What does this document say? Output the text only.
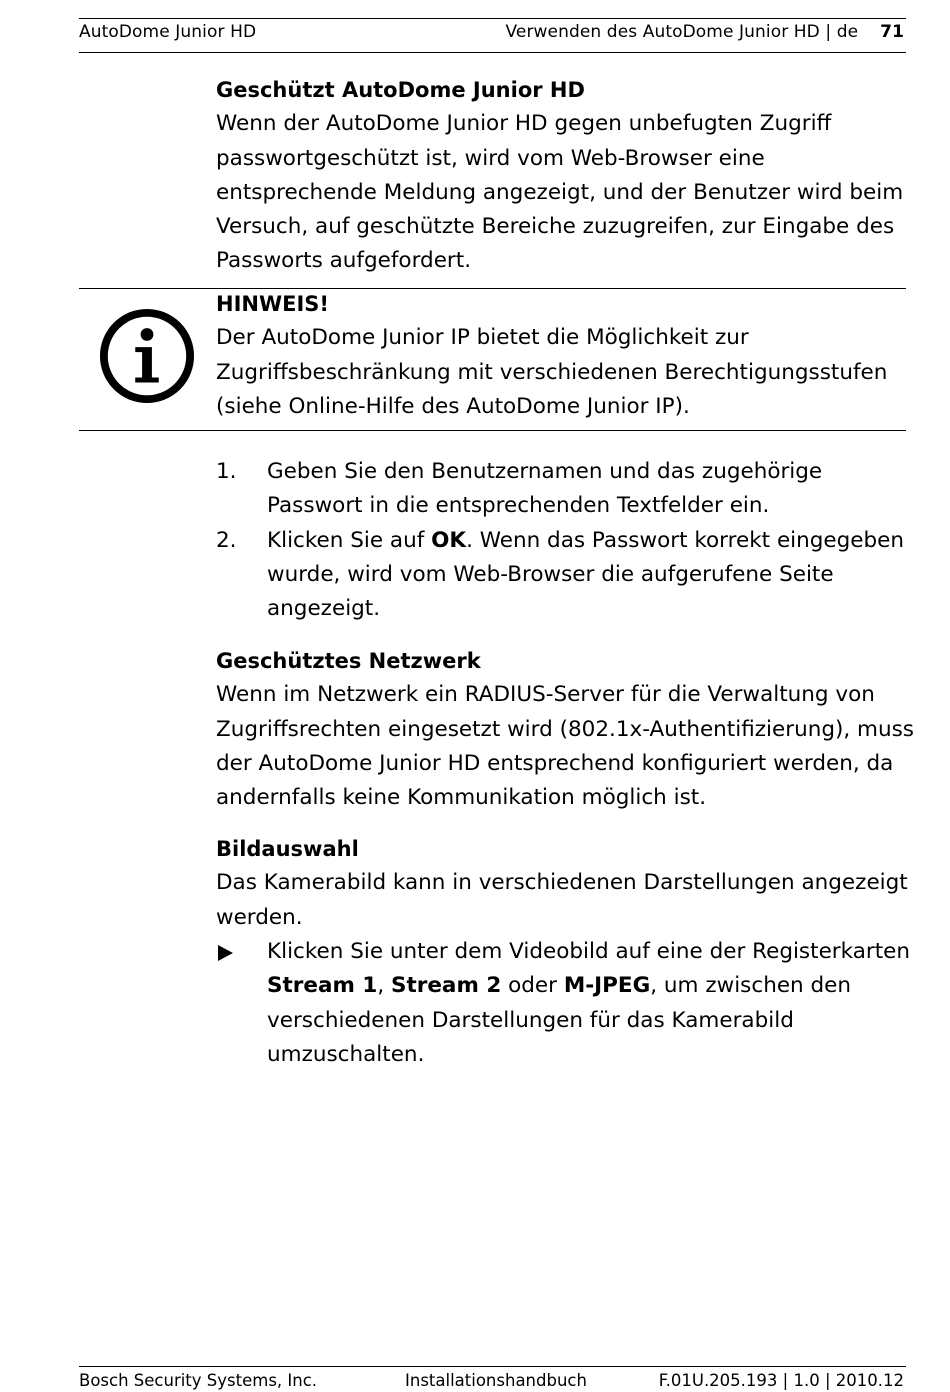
AutoDome Junior HD	Verwenden des AutoDome Junior HD | de 71

Geschützt AutoDome Junior HD

Wenn der AutoDome Junior HD gegen unbefugten Zugriff passwortgeschützt ist, wird vom Web-Browser eine entsprechende Meldung angezeigt, und der Benutzer wird beim Versuch, auf geschützte Bereiche zuzugreifen, zur Eingabe des Passworts aufgefordert.

HINWEIS!

Der AutoDome Junior IP bietet die Möglichkeit zur Zugriffsbeschränkung mit verschiedenen Berechtigungsstufen (siehe Online-Hilfe des AutoDome Junior IP).

1. Geben Sie den Benutzernamen und das zugehörige Passwort in die entsprechenden Textfelder ein.
2. Klicken Sie auf OK. Wenn das Passwort korrekt eingegeben wurde, wird vom Web-Browser die aufgerufene Seite angezeigt.

Geschütztes Netzwerk

Wenn im Netzwerk ein RADIUS-Server für die Verwaltung von Zugriffsrechten eingesetzt wird (802.1x-Authentifizierung), muss der AutoDome Junior HD entsprechend konfiguriert werden, da andernfalls keine Kommunikation möglich ist.

Bildauswahl

Das Kamerabild kann in verschiedenen Darstellungen angezeigt werden.

Klicken Sie unter dem Videobild auf eine der Registerkarten Stream 1, Stream 2 oder M-JPEG, um zwischen den verschiedenen Darstellungen für das Kamerabild umzuschalten.
Bosch Security Systems, Inc.	Installationshandbuch	F.01U.205.193 | 1.0 | 2010.12
